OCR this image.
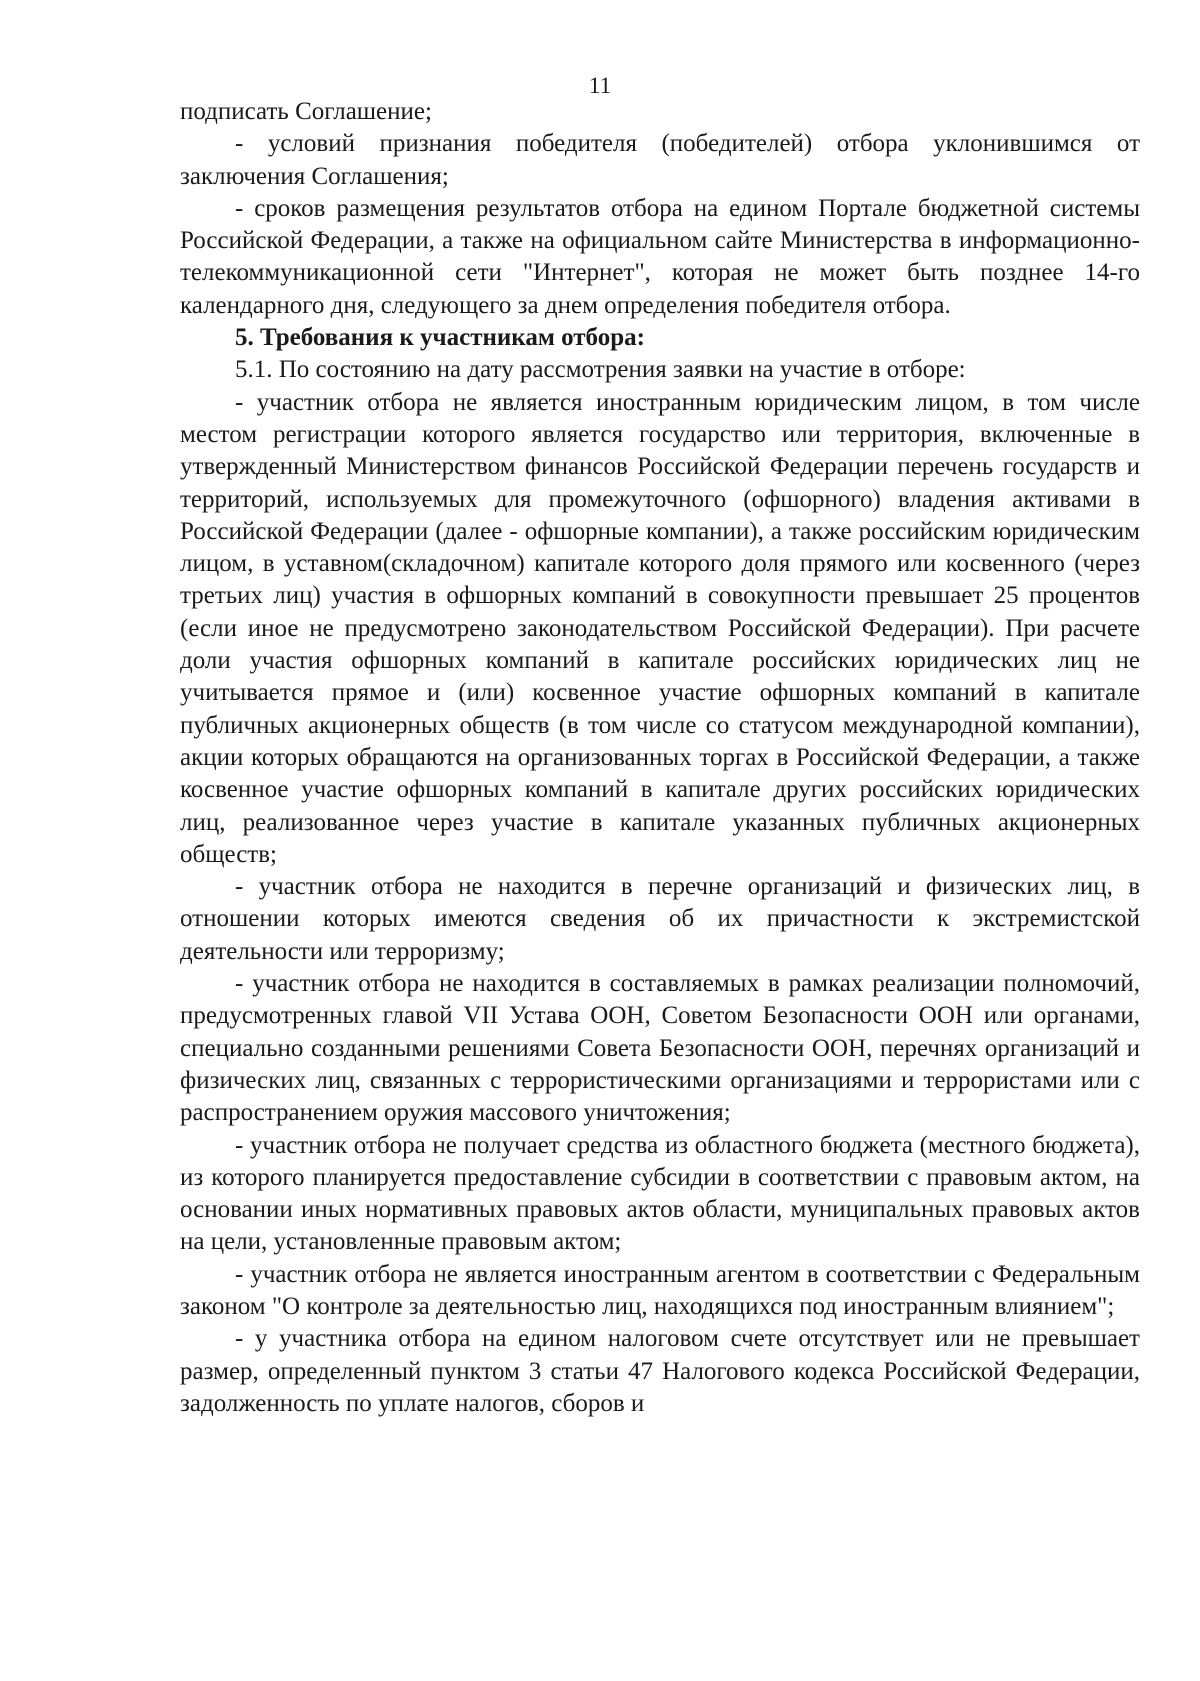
11

подписать Соглашение;

- условий признания победителя (победителей) отбора уклонившимся от заключения Соглашения;

- сроков размещения результатов отбора на едином Портале бюджетной системы Российской Федерации, а также на официальном сайте Министерства в информационно-телекоммуникационной сети "Интернет", которая не может быть позднее 14-го календарного дня, следующего за днем определения победителя отбора.

5. Требования к участникам отбора:

5.1. По состоянию на дату рассмотрения заявки на участие в отборе:

- участник отбора не является иностранным юридическим лицом, в том числе местом регистрации которого является государство или территория, включенные в утвержденный Министерством финансов Российской Федерации перечень государств и территорий, используемых для промежуточного (офшорного) владения активами в Российской Федерации (далее - офшорные компании), а также российским юридическим лицом, в уставном(складочном) капитале которого доля прямого или косвенного (через третьих лиц) участия в офшорных компаний в совокупности превышает 25 процентов (если иное не предусмотрено законодательством Российской Федерации). При расчете доли участия офшорных компаний в капитале российских юридических лиц не учитывается прямое и (или) косвенное участие офшорных компаний в капитале публичных акционерных обществ (в том числе со статусом международной компании), акции которых обращаются на организованных торгах в Российской Федерации, а также косвенное участие офшорных компаний в капитале других российских юридических лиц, реализованное через участие в капитале указанных публичных акционерных обществ;

- участник отбора не находится в перечне организаций и физических лиц, в отношении которых имеются сведения об их причастности к экстремистской деятельности или терроризму;

- участник отбора не находится в составляемых в рамках реализации полномочий, предусмотренных главой VII Устава ООН, Советом Безопасности ООН или органами, специально созданными решениями Совета Безопасности ООН, перечнях организаций и физических лиц, связанных с террористическими организациями и террористами или с распространением оружия массового уничтожения;

- участник отбора не получает средства из областного бюджета (местного бюджета), из которого планируется предоставление субсидии в соответствии с правовым актом, на основании иных нормативных правовых актов области, муниципальных правовых актов на цели, установленные правовым актом;

- участник отбора не является иностранным агентом в соответствии с Федеральным законом "О контроле за деятельностью лиц, находящихся под иностранным влиянием";

- у участника отбора на едином налоговом счете отсутствует или не превышает размер, определенный пунктом 3 статьи 47 Налогового кодекса Российской Федерации, задолженность по уплате налогов, сборов и
